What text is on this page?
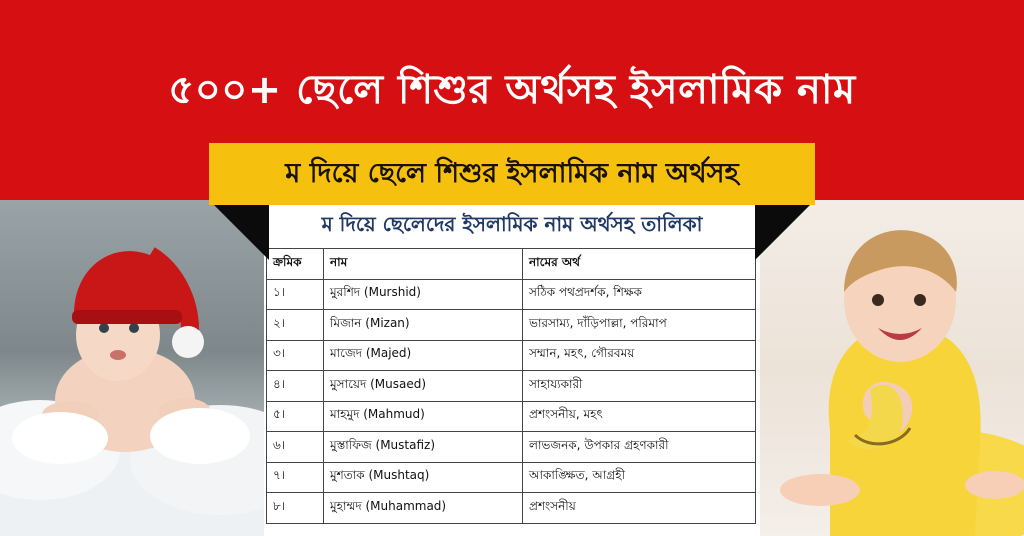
৫০০+ ছেলে শিশুর অর্থসহ ইসলামিক নাম
ম দিয়ে ছেলেদের ইসলামিক নাম অর্থসহ তালিকা
ক্রমিক	নাম	নামের অর্থ
১।	মুরশিদ (Murshid)	সঠিক পথপ্রদর্শক, শিক্ষক
২।	মিজান (Mizan)	ভারসাম্য, দাঁড়িপাল্লা, পরিমাপ
৩।	মাজেদ (Majed)	সম্মান, মহৎ, গৌরবময়
৪।	মুসায়েদ (Musaed)	সাহায্যকারী
৫।	মাহমুদ (Mahmud)	প্রশংসনীয়, মহৎ
৬।	মুস্তাফিজ (Mustafiz)	লাভজনক, উপকার গ্রহণকারী
৭।	মুশতাক (Mushtaq)	আকাঙ্ক্ষিত, আগ্রহী
৮।	মুহাম্মদ (Muhammad)	প্রশংসনীয়
ম দিয়ে ছেলে শিশুর ইসলামিক নাম অর্থসহ
